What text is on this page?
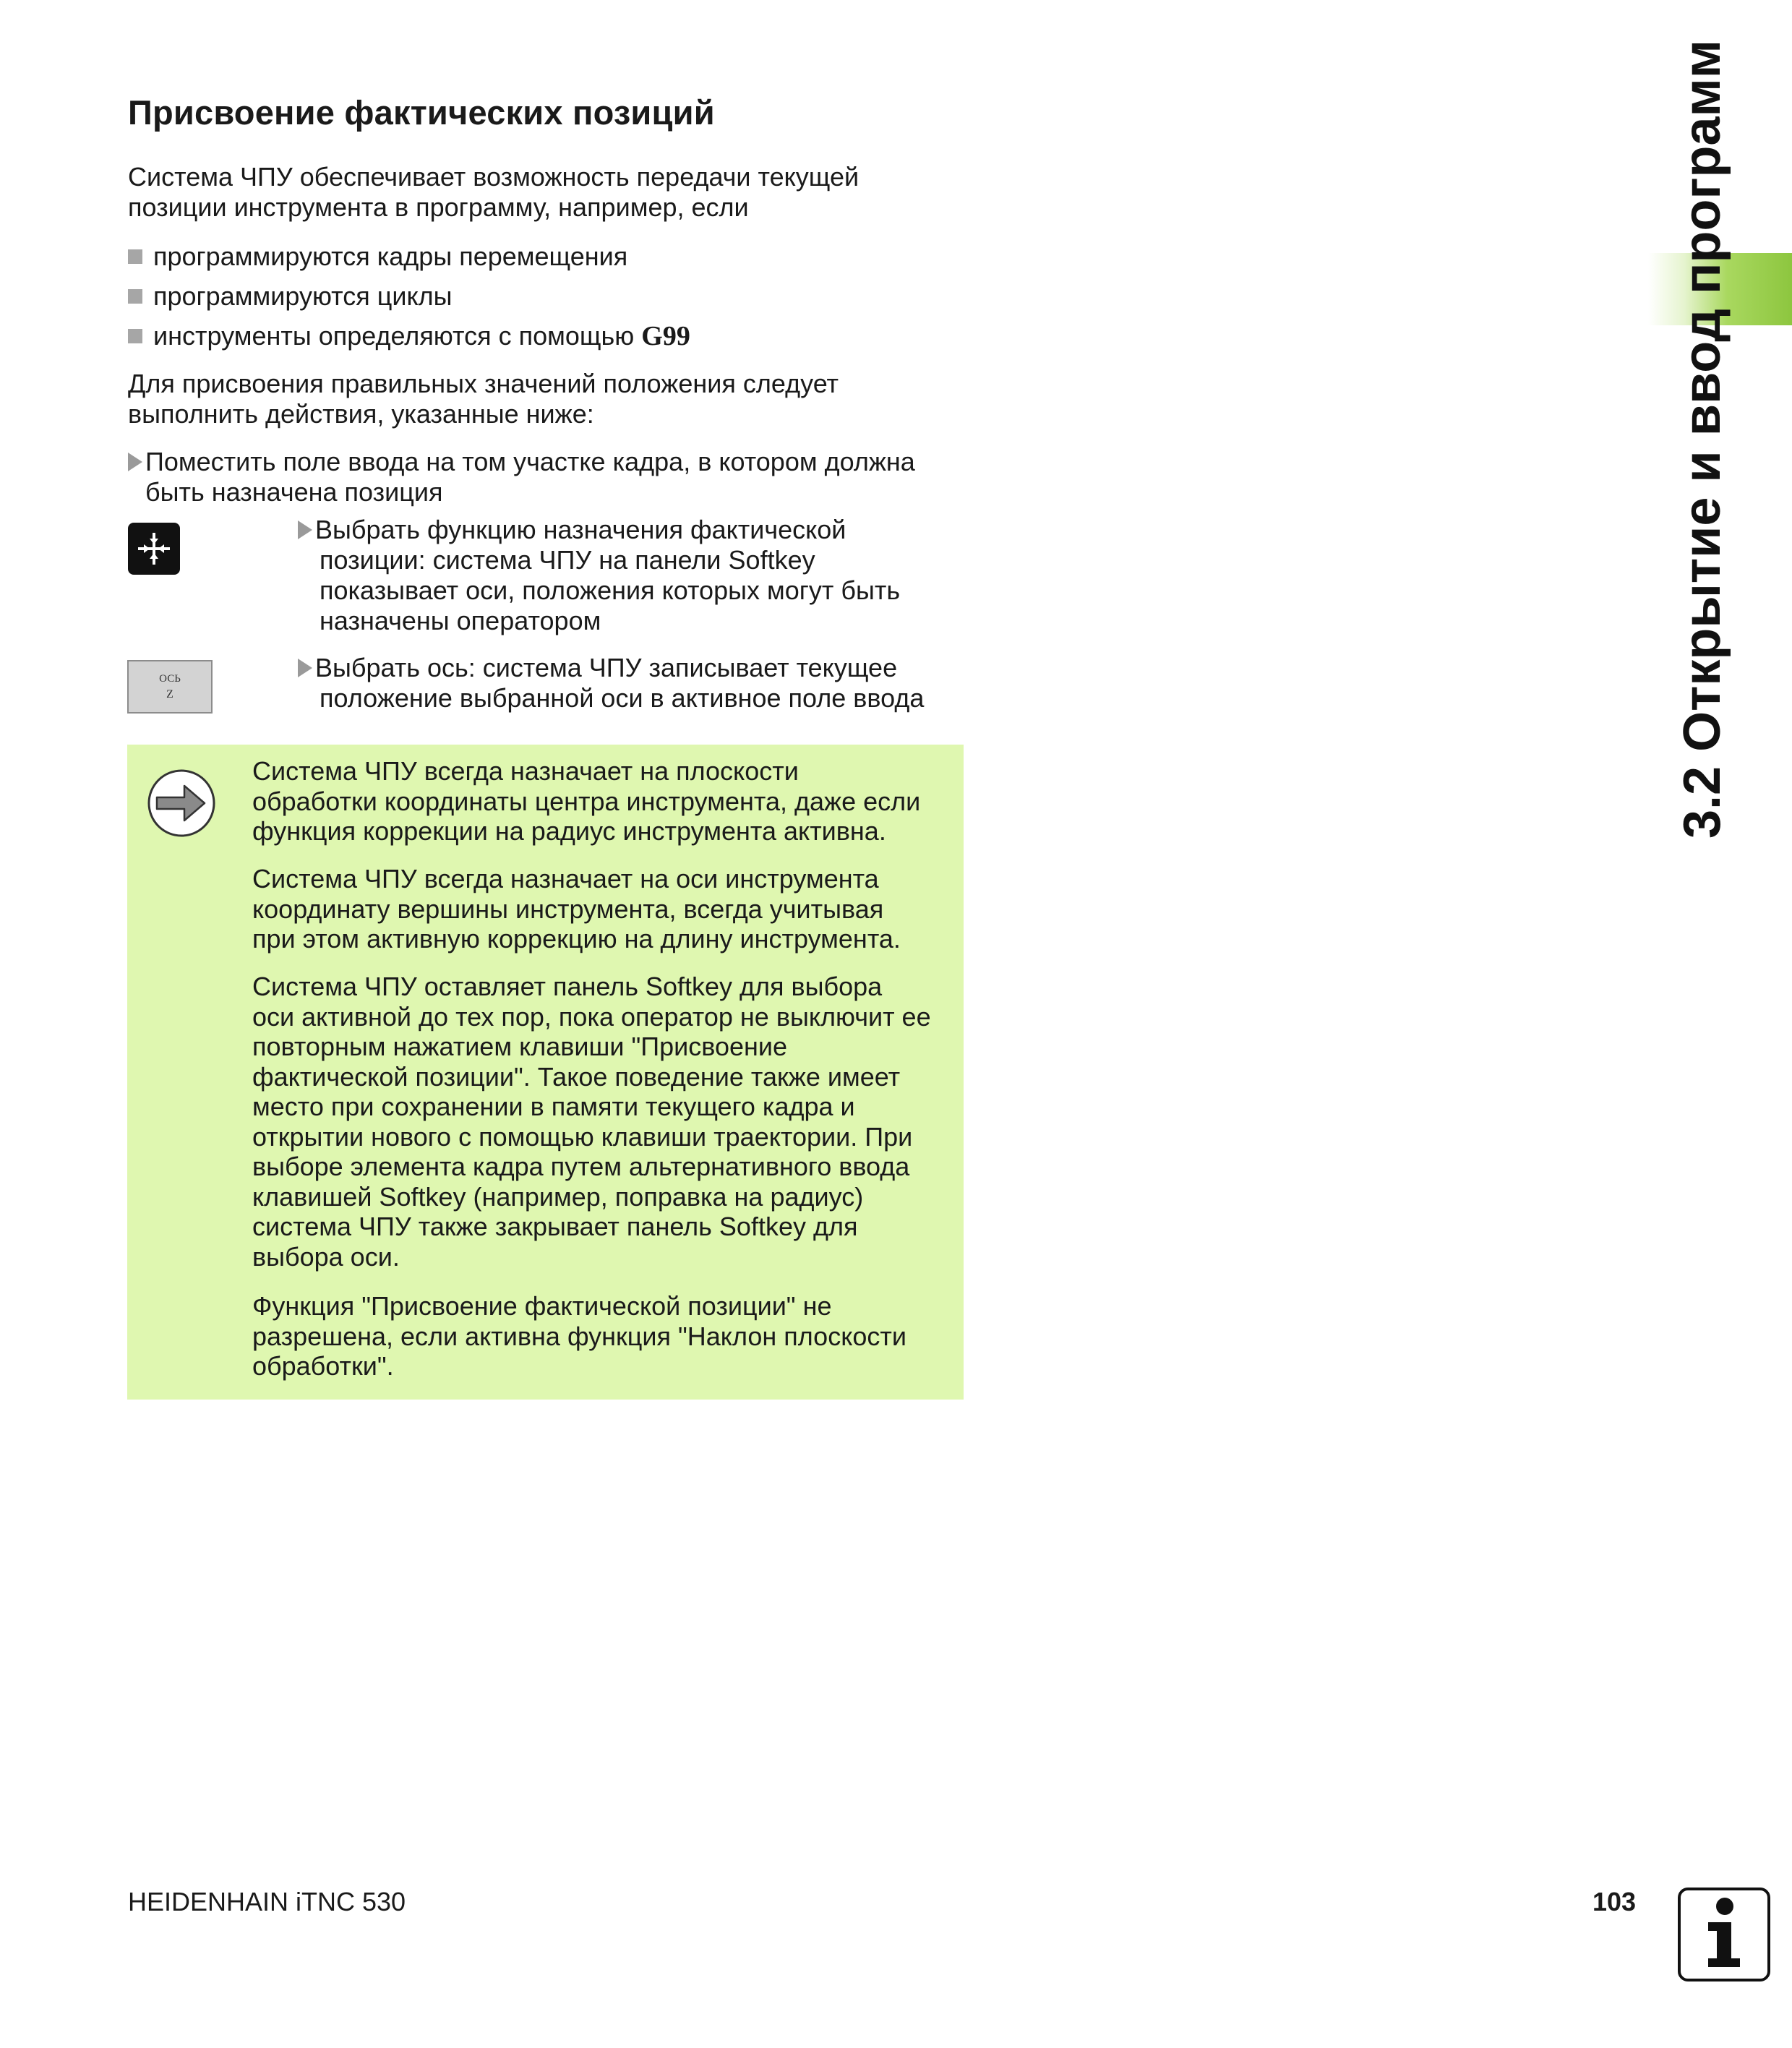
Присвоение фактических позиций
Система ЧПУ обеспечивает возможность передачи текущей
позиции инструмента в программу, например, если
программируются кадры перемещения
программируются циклы
инструменты определяются с помощью G99
Для присвоения правильных значений положения следует
выполнить действия, указанные ниже:
Поместить поле ввода на том участке кадра, в котором должна
быть назначена позиция
Выбрать функцию назначения фактической
позиции: система ЧПУ на панели Softkey
показывает оси, положения которых могут быть
назначены оператором
ОСЬ
Z
Выбрать ось: система ЧПУ записывает текущее
положение выбранной оси в активное поле ввода
Система ЧПУ всегда назначает на плоскости
обработки координаты центра инструмента, даже если
функция коррекции на радиус инструмента активна.
Система ЧПУ всегда назначает на оси инструмента
координату вершины инструмента, всегда учитывая
при этом активную коррекцию на длину инструмента.
Система ЧПУ оставляет панель Softkey для выбора
оси активной до тех пор, пока оператор не выключит ее
повторным нажатием клавиши "Присвоение
фактической позиции". Такое поведение также имеет
место при сохранении в памяти текущего кадра и
открытии нового с помощью клавиши траектории. При
выборе элемента кадра путем альтернативного ввода
клавишей Softkey (например, поправка на радиус)
система ЧПУ также закрывает панель Softkey для
выбора оси.
Функция "Присвоение фактической позиции" не
разрешена, если активна функция "Наклон плоскости
обработки".
3.2 Открытие и ввод программ
HEIDENHAIN iTNC 530	103
